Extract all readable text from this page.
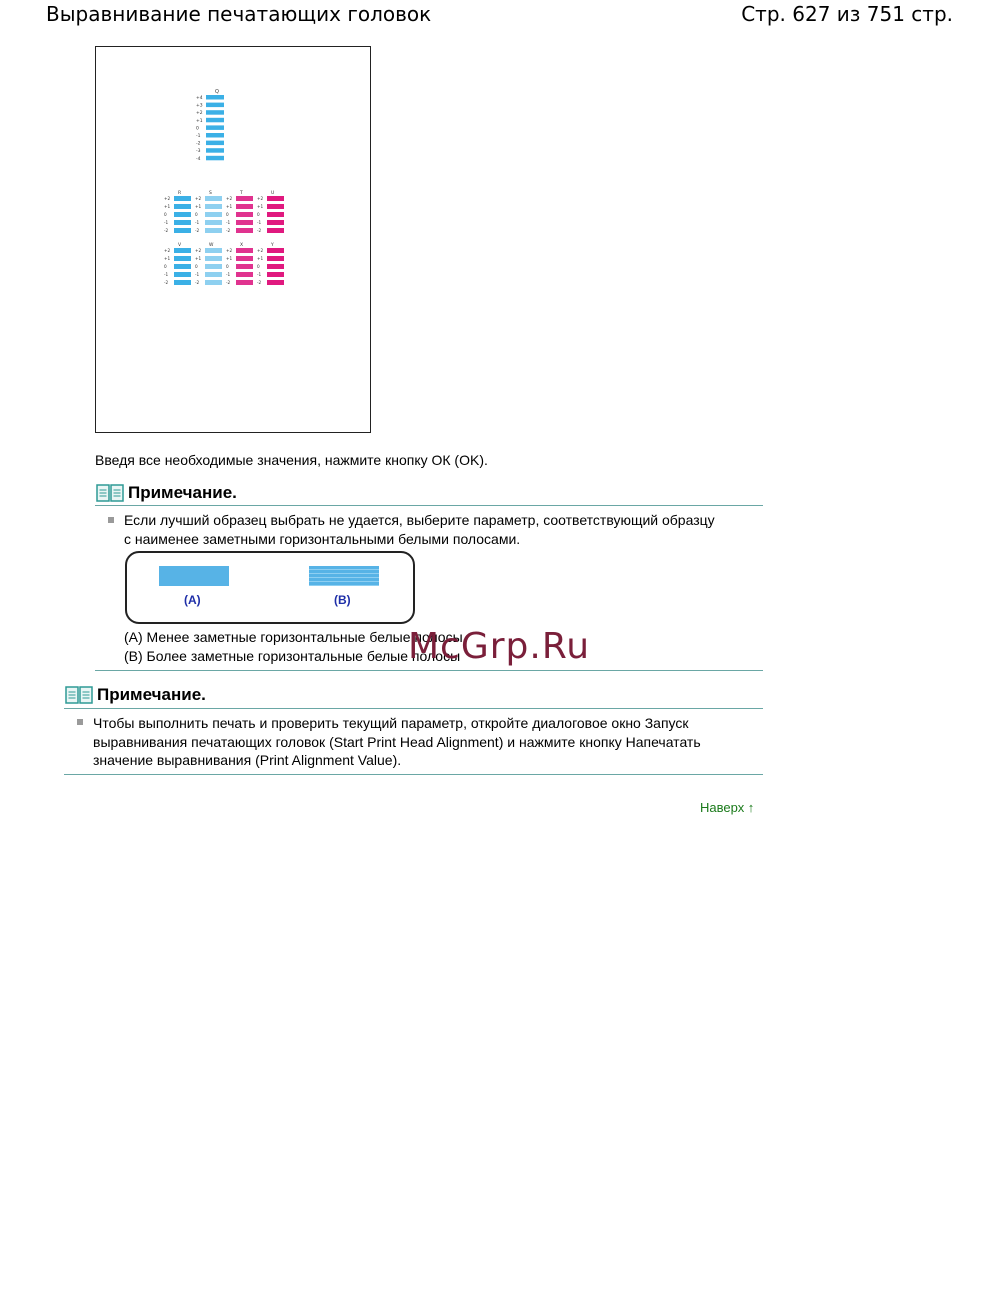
Выравнивание печатающих головок	Стр. 627 из 751 стр.
Q
+4
+3
+2
+1
0
-1
-2
-3
-4
R
+2
+1
0
-1
-2
S
+2
+1
0
-1
-2
T
+2
+1
0
-1
-2
U
+2
+1
0
-1
-2
V
+2
+1
0
-1
-2
W
+2
+1
0
-1
-2
X
+2
+1
0
-1
-2
Y
+2
+1
0
-1
-2
Введя все необходимые значения, нажмите кнопку ОК (OK).
Примечание.
Если лучший образец выбрать не удается, выберите параметр, соответствующий образцу
с наименее заметными горизонтальными белыми полосами.
(A)	(B)
(A) Менее заметные горизонтальные белые полосы
(B) Более заметные горизонтальные белые полосы
Примечание.
Чтобы выполнить печать и проверить текущий параметр, откройте диалоговое окно Запуск
выравнивания печатающих головок (Start Print Head Alignment) и нажмите кнопку Напечатать
значение выравнивания (Print Alignment Value).
McGrp.Ru
Наверх ↑
